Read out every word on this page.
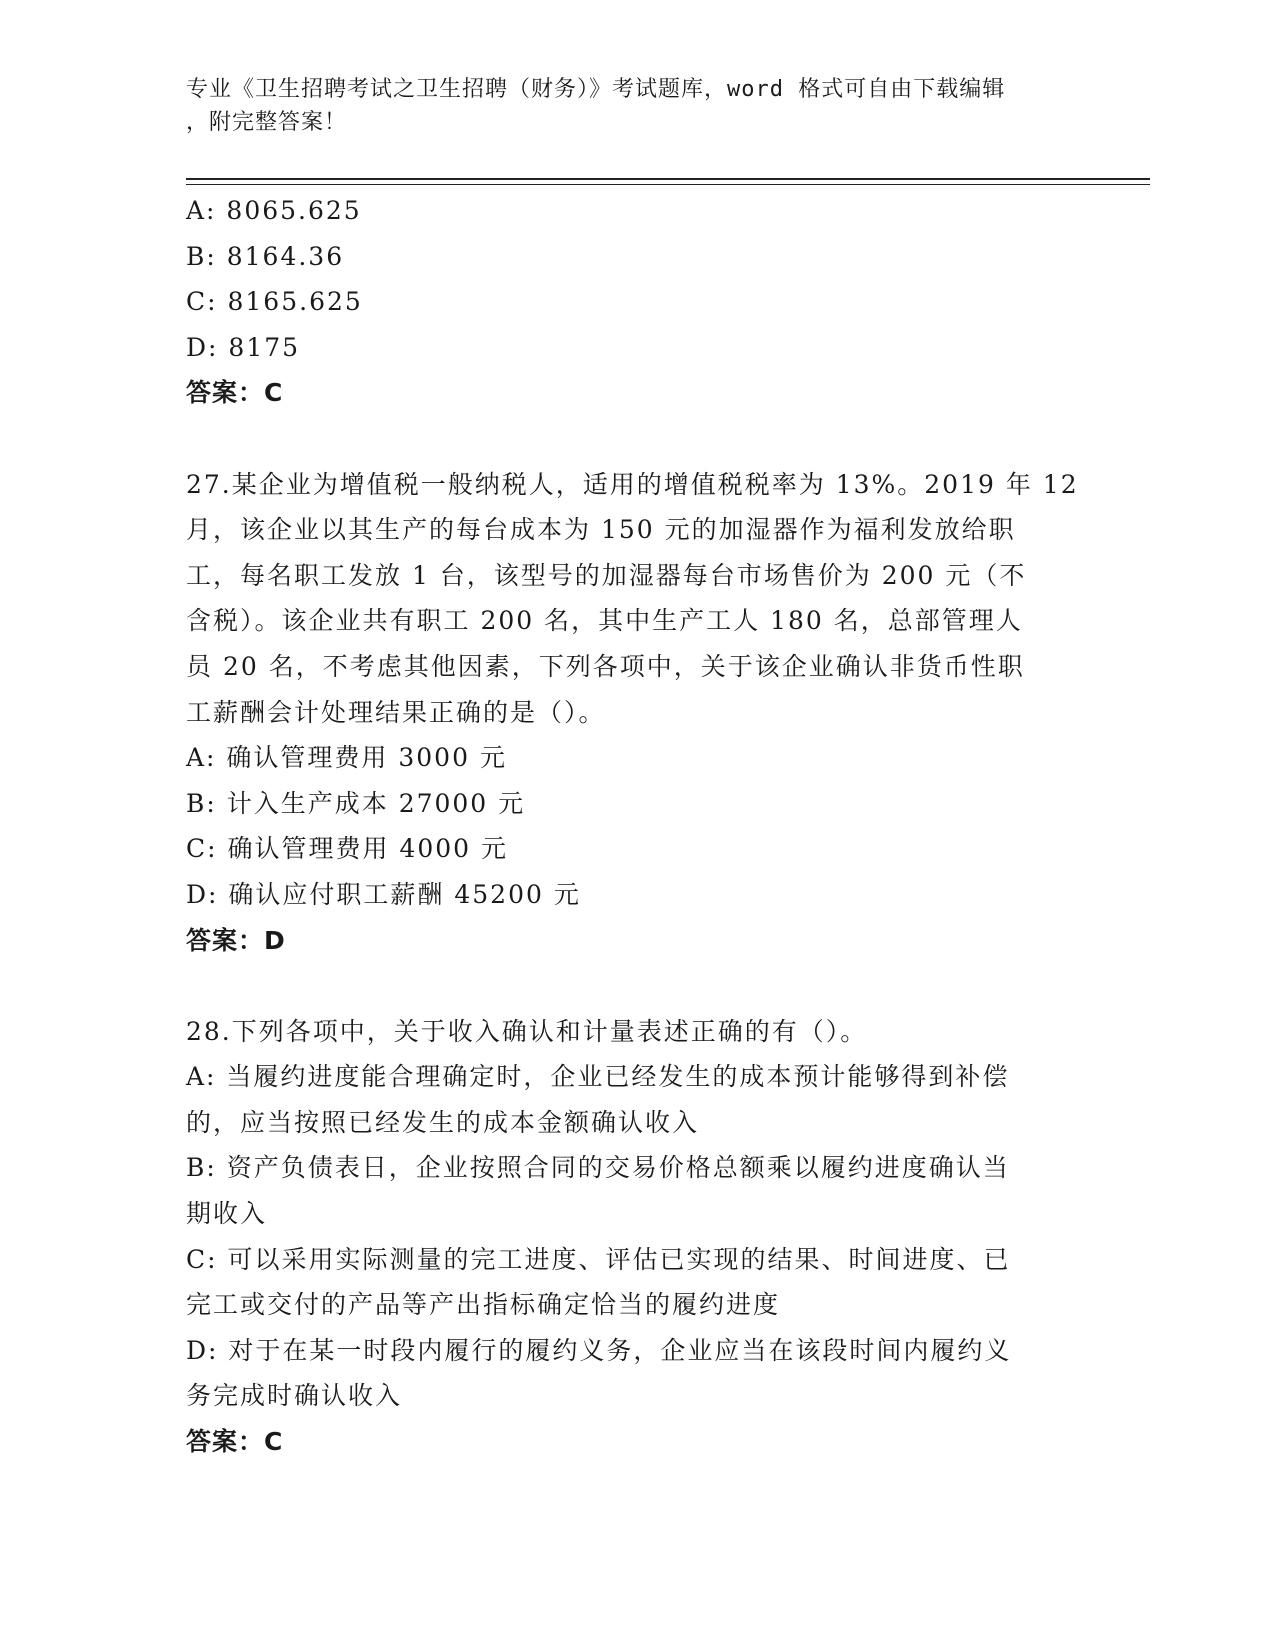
专业《卫生招聘考试之卫生招聘（财务）》考试题库，word 格式可自由下载编辑
，附完整答案！

A: 8065.625

B: 8164.36

C: 8165.625

D: 8175

答案：C

27.某企业为增值税一般纳税人，适用的增值税税率为 13%。2019 年 12

月，该企业以其生产的每台成本为 150 元的加湿器作为福利发放给职

工，每名职工发放 1 台，该型号的加湿器每台市场售价为 200 元（不

含税）。该企业共有职工 200 名，其中生产工人 180 名，总部管理人

员 20 名，不考虑其他因素，下列各项中，关于该企业确认非货币性职

工薪酬会计处理结果正确的是（）。

A: 确认管理费用 3000 元

B: 计入生产成本 27000 元

C: 确认管理费用 4000 元

D: 确认应付职工薪酬 45200 元

答案：D

28.下列各项中，关于收入确认和计量表述正确的有（）。

A: 当履约进度能合理确定时，企业已经发生的成本预计能够得到补偿

的，应当按照已经发生的成本金额确认收入

B: 资产负债表日，企业按照合同的交易价格总额乘以履约进度确认当

期收入

C: 可以采用实际测量的完工进度、评估已实现的结果、时间进度、已

完工或交付的产品等产出指标确定恰当的履约进度

D: 对于在某一时段内履行的履约义务，企业应当在该段时间内履约义

务完成时确认收入

答案：C
